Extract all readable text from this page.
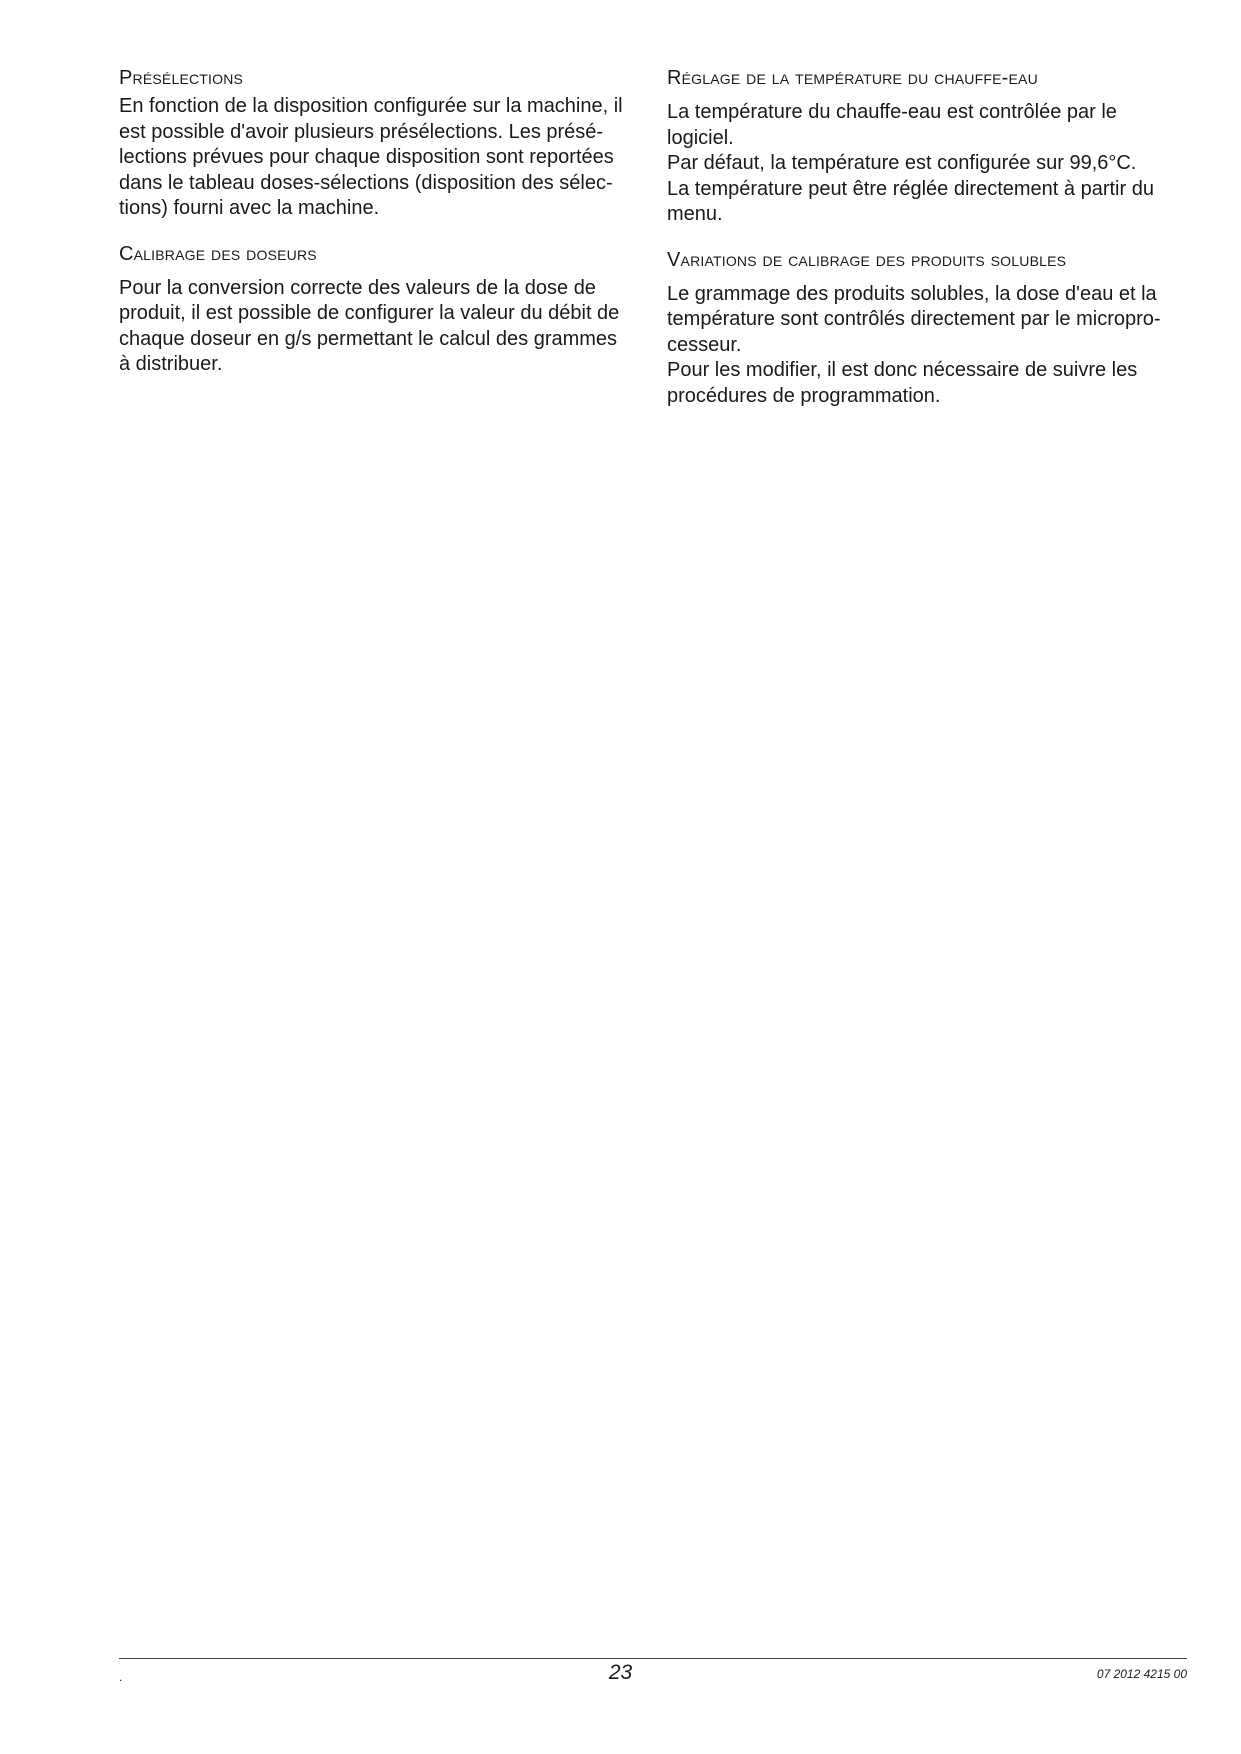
Présélections

En fonction de la disposition configurée sur la machine, il
est possible d'avoir plusieurs présélections. Les présé-
lections prévues pour chaque disposition sont reportées
dans le tableau doses-sélections (disposition des sélec-
tions) fourni avec la machine.

Calibrage des doseurs

Pour la conversion correcte des valeurs de la dose de
produit, il est possible de configurer la valeur du débit de
chaque doseur en g/s permettant le calcul des grammes
à distribuer.

Réglage de la température du chauffe-eau

La température du chauffe-eau est contrôlée par le
logiciel.
Par défaut, la température est configurée sur 99,6°C.
La température peut être réglée directement à partir du
menu.

Variations de calibrage des produits solubles

Le grammage des produits solubles, la dose d'eau et la
température sont contrôlés directement par le micropro-
cesseur.
Pour les modifier, il est donc nécessaire de suivre les
procédures de programmation.

.	23	07 2012 4215 00
